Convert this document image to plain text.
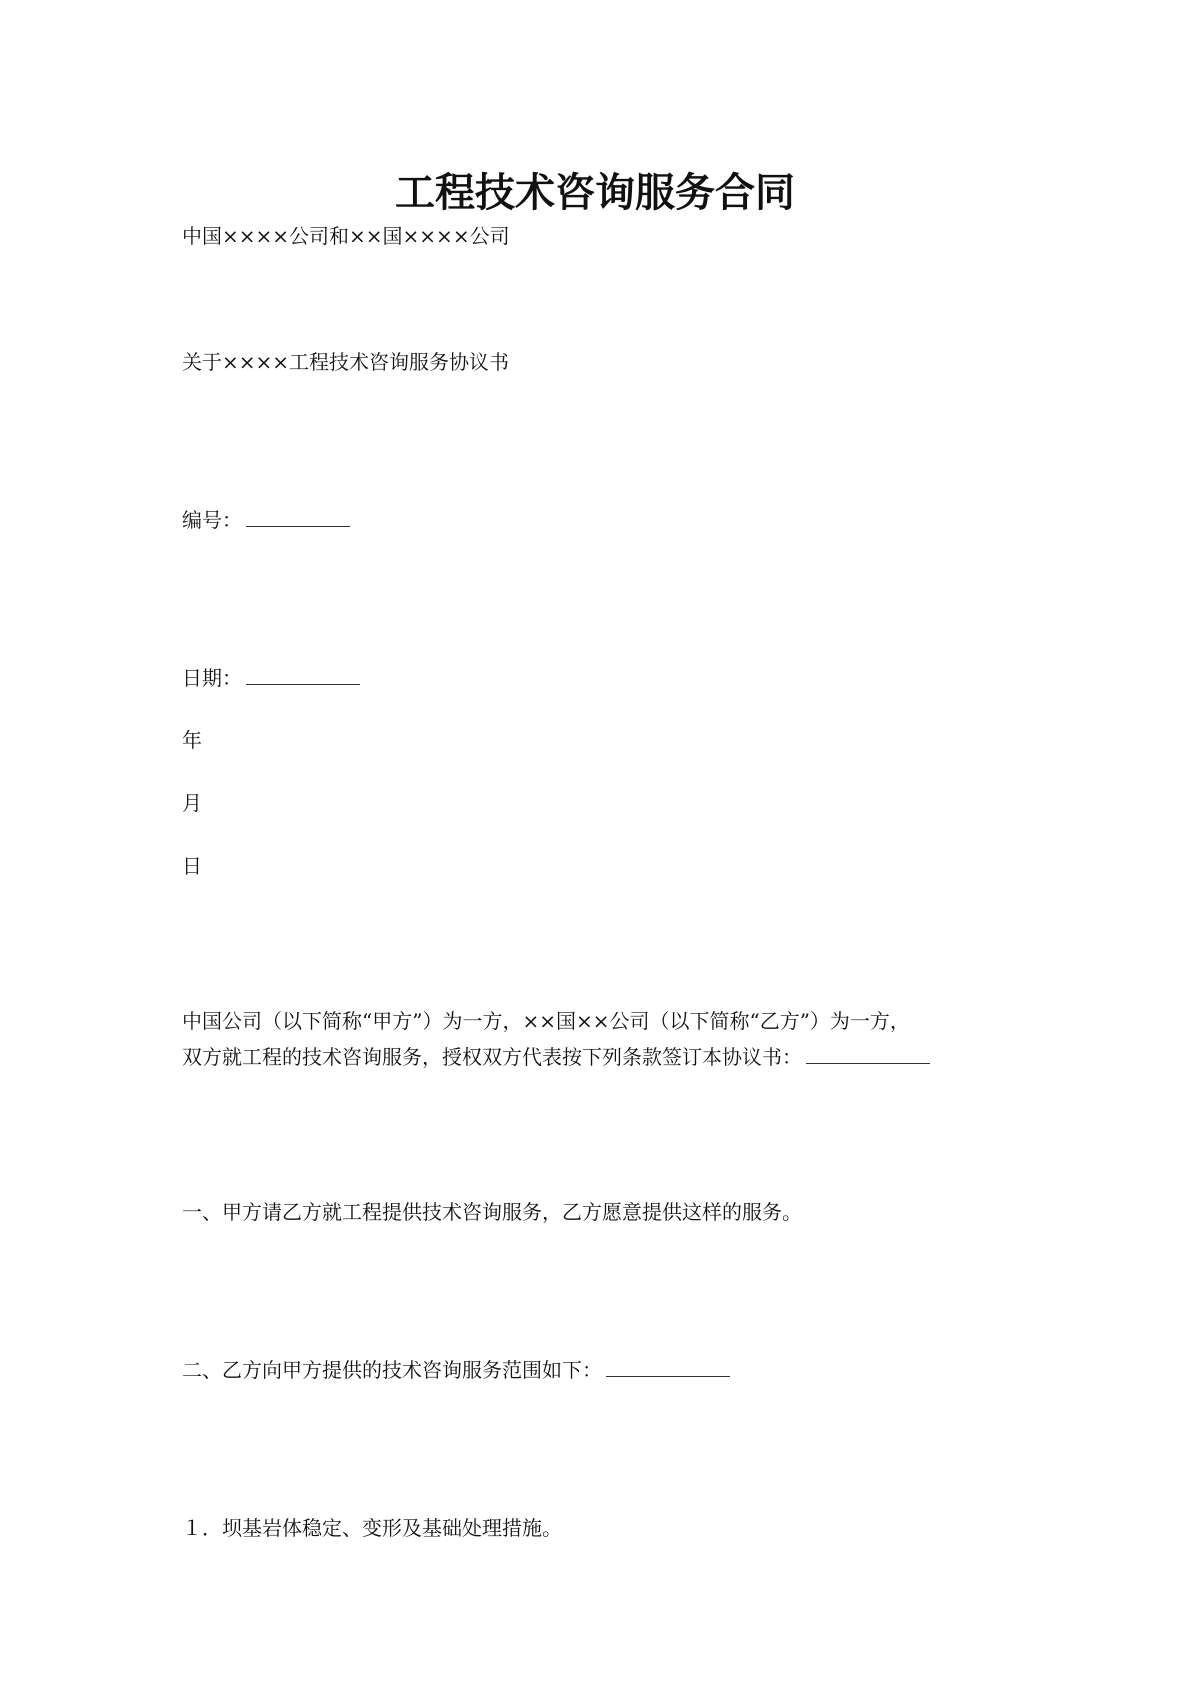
工程技术咨询服务合同
中国××××公司和××国××××公司
关于××××工程技术咨询服务协议书
编号：
日期：
年
月
日
中国公司（以下简称“甲方”）为一方，××国××公司（以下简称“乙方”）为一方，
双方就工程的技术咨询服务，授权双方代表按下列条款签订本协议书：
一、甲方请乙方就工程提供技术咨询服务，乙方愿意提供这样的服务。
二、乙方向甲方提供的技术咨询服务范围如下：
１．坝基岩体稳定、变形及基础处理措施。
